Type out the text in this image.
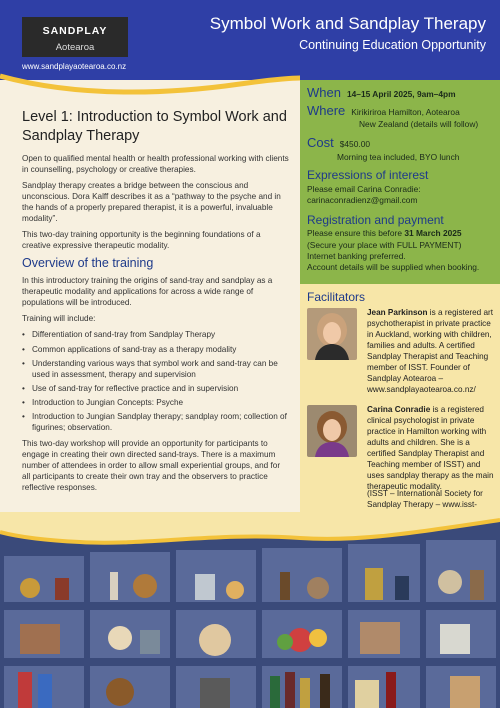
SANDPLAY
Aotearoa
www.sandplayaotearoa.co.nz
Symbol Work and Sandplay Therapy
Continuing Education Opportunity
When 14–15 April 2025, 9am–4pm
Where Kirikiriroa Hamilton, Aotearoa
New Zealand (details will follow)
Cost $450.00
Morning tea included, BYO lunch
Expressions of interest
Please email Carina Conradie:
carinaconradienz@gmail.com
Registration and payment
Please ensure this before 31 March 2025
(Secure your place with FULL PAYMENT)
Internet banking preferred.
Account details will be supplied when booking.
Facilitators
Jean Parkinson is a registered art psychotherapist in private practice in Auckland, working with children, families and adults. A certified Sandplay Therapist and Teaching member of ISST. Founder of Sandplay Aotearoa – www.sandplayaotearoa.co.nz/
Carina Conradie is a registered clinical psychologist in private practice in Hamilton working with adults and children. She is a certified Sandplay Therapist and Teaching member of ISST) and uses sandplay therapy as the main therapeutic modality.
(ISST – International Society for Sandplay Therapy – www.isst-
Level 1: Introduction to Symbol Work and Sandplay Therapy
Open to qualified mental health or health professional working with clients in counselling, psychology or creative therapies.
Sandplay therapy creates a bridge between the conscious and unconscious. Dora Kalff describes it as a “pathway to the psyche and in the hands of a properly prepared therapist, it is a powerful, invaluable modality”.
This two-day training opportunity is the beginning foundations of a creative expressive therapeutic modality.
Overview of the training
In this introductory training the origins of sand-tray and sandplay as a therapeutic modality and applications for across a wide range of populations will be introduced.
Training will include:
• Differentiation of sand-tray from Sandplay Therapy
• Common applications of sand-tray as a therapy modality
• Understanding various ways that symbol work and sand-tray can be used in assessment, therapy and supervision
• Use of sand-tray for reflective practice and in supervision
• Introduction to Jungian Concepts: Psyche
• Introduction to Jungian Sandplay therapy; sandplay room; collection of figurines; observation.
This two-day workshop will provide an opportunity for participants to engage in creating their own directed sand-trays. There is a maximum number of attendees in order to allow small experiential groups, and for all participants to create their own tray and the observers to practice reflective responses.
